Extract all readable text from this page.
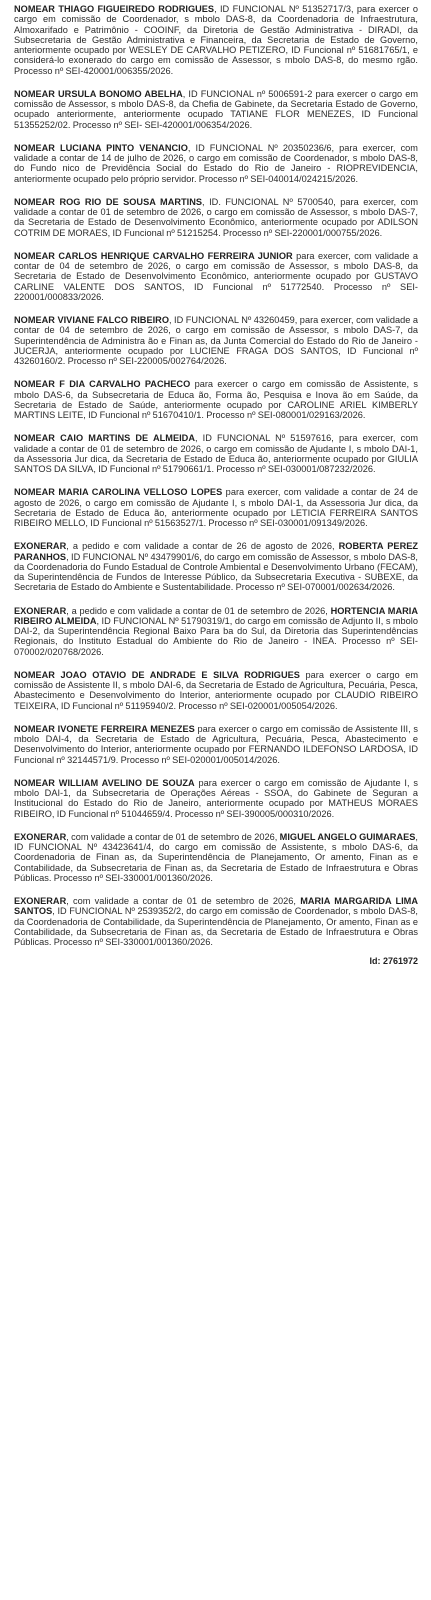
NOMEAR THIAGO FIGUEIREDO RODRIGUES, ID FUNCIONAL Nº 51352717/3, para exercer o cargo em comissão de Coordenador, s mbolo DAS-8, da Coordenadoria de Infraestrutura, Almoxarifado e Patrimônio - COOINF, da Diretoria de Gestão Administrativa - DIRADI, da Subsecretaria de Gestão Administrativa e Financeira, da Secretaria de Estado de Governo, anteriormente ocupado por WESLEY DE CARVALHO PETIZERO, ID Funcional nº 51681765/1, e considerá-lo exonerado do cargo em comissão de Assessor, s mbolo DAS-8, do mesmo rgão. Processo nº SEI-420001/006355/2026.

NOMEAR URSULA BONOMO ABELHA, ID FUNCIONAL nº 5006591-2 para exercer o cargo em comissão de Assessor, s mbolo DAS-8, da Chefia de Gabinete, da Secretaria Estado de Governo, ocupado anteriormente, anteriormente ocupado TATIANE FLOR MENEZES, ID Funcional 51355252/02. Processo nº SEI- SEI-420001/006354/2026.

NOMEAR LUCIANA PINTO VENANCIO, ID FUNCIONAL Nº 20350236/6, para exercer, com validade a contar de 14 de julho de 2026, o cargo em comissão de Coordenador, s mbolo DAS-8, do Fundo nico de Previdência Social do Estado do Rio de Janeiro - RIOPREVIDENCIA, anteriormente ocupado pelo próprio servidor. Processo nº SEI-040014/024215/2026.

NOMEAR ROG RIO DE SOUSA MARTINS, ID. FUNCIONAL Nº 5700540, para exercer, com validade a contar de 01 de setembro de 2026, o cargo em comissão de Assessor, s mbolo DAS-7, da Secretaria de Estado de Desenvolvimento Econômico, anteriormente ocupado por ADILSON COTRIM DE MORAES, ID Funcional nº 51215254. Processo nº SEI-220001/000755/2026.

NOMEAR CARLOS HENRIQUE CARVALHO FERREIRA JUNIOR para exercer, com validade a contar de 04 de setembro de 2026, o cargo em comissão de Assessor, s mbolo DAS-8, da Secretaria de Estado de Desenvolvimento Econômico, anteriormente ocupado por GUSTAVO CARLINE VALENTE DOS SANTOS, ID Funcional nº 51772540. Processo nº SEI-220001/000833/2026.

NOMEAR VIVIANE FALCO RIBEIRO, ID FUNCIONAL Nº 43260459, para exercer, com validade a contar de 04 de setembro de 2026, o cargo em comissão de Assessor, s mbolo DAS-7, da Superintendência de Administra ão e Finan as, da Junta Comercial do Estado do Rio de Janeiro - JUCERJA, anteriormente ocupado por LUCIENE FRAGA DOS SANTOS, ID Funcional nº 43260160/2. Processo nº SEI-220005/002764/2026.

NOMEAR F DIA CARVALHO PACHECO para exercer o cargo em comissão de Assistente, s mbolo DAS-6, da Subsecretaria de Educa ão, Forma ão, Pesquisa e Inova ão em Saúde, da Secretaria de Estado de Saúde, anteriormente ocupado por CAROLINE ARIEL KIMBERLY MARTINS LEITE, ID Funcional nº 51670410/1. Processo nº SEI-080001/029163/2026.

NOMEAR CAIO MARTINS DE ALMEIDA, ID FUNCIONAL Nº 51597616, para exercer, com validade a contar de 01 de setembro de 2026, o cargo em comissão de Ajudante I, s mbolo DAI-1, da Assessoria Jur dica, da Secretaria de Estado de Educa ão, anteriormente ocupado por GIULIA SANTOS DA SILVA, ID Funcional nº 51790661/1. Processo nº SEI-030001/087232/2026.

NOMEAR MARIA CAROLINA VELLOSO LOPES para exercer, com validade a contar de 24 de agosto de 2026, o cargo em comissão de Ajudante I, s mbolo DAI-1, da Assessoria Jur dica, da Secretaria de Estado de Educa ão, anteriormente ocupado por LETICIA FERREIRA SANTOS RIBEIRO MELLO, ID Funcional nº 51563527/1. Processo nº SEI-030001/091349/2026.

EXONERAR, a pedido e com validade a contar de 26 de agosto de 2026, ROBERTA PEREZ PARANHOS, ID FUNCIONAL Nº 43479901/6, do cargo em comissão de Assessor, s mbolo DAS-8, da Coordenadoria do Fundo Estadual de Controle Ambiental e Desenvolvimento Urbano (FECAM), da Superintendência de Fundos de Interesse Público, da Subsecretaria Executiva - SUBEXE, da Secretaria de Estado do Ambiente e Sustentabilidade. Processo nº SEI-070001/002634/2026.

EXONERAR, a pedido e com validade a contar de 01 de setembro de 2026, HORTENCIA MARIA RIBEIRO ALMEIDA, ID FUNCIONAL Nº 51790319/1, do cargo em comissão de Adjunto II, s mbolo DAI-2, da Superintendência Regional Baixo Para ba do Sul, da Diretoria das Superintendências Regionais, do Instituto Estadual do Ambiente do Rio de Janeiro - INEA. Processo nº SEI-070002/020768/2026.

NOMEAR JOAO OTAVIO DE ANDRADE E SILVA RODRIGUES para exercer o cargo em comissão de Assistente II, s mbolo DAI-6, da Secretaria de Estado de Agricultura, Pecuária, Pesca, Abastecimento e Desenvolvimento do Interior, anteriormente ocupado por CLAUDIO RIBEIRO TEIXEIRA, ID Funcional nº 51195940/2. Processo nº SEI-020001/005054/2026.

NOMEAR IVONETE FERREIRA MENEZES para exercer o cargo em comissão de Assistente III, s mbolo DAI-4, da Secretaria de Estado de Agricultura, Pecuária, Pesca, Abastecimento e Desenvolvimento do Interior, anteriormente ocupado por FERNANDO ILDEFONSO LARDOSA, ID Funcional nº 32144571/9. Processo nº SEI-020001/005014/2026.

NOMEAR WILLIAM AVELINO DE SOUZA para exercer o cargo em comissão de Ajudante I, s mbolo DAI-1, da Subsecretaria de Operações Aéreas - SSOA, do Gabinete de Seguran a Institucional do Estado do Rio de Janeiro, anteriormente ocupado por MATHEUS MORAES RIBEIRO, ID Funcional nº 51044659/4. Processo nº SEI-390005/000310/2026.

EXONERAR, com validade a contar de 01 de setembro de 2026, MIGUEL ANGELO GUIMARAES, ID FUNCIONAL Nº 43423641/4, do cargo em comissão de Assistente, s mbolo DAS-6, da Coordenadoria de Finan as, da Superintendência de Planejamento, Or amento, Finan as e Contabilidade, da Subsecretaria de Finan as, da Secretaria de Estado de Infraestrutura e Obras Públicas. Processo nº SEI-330001/001360/2026.

EXONERAR, com validade a contar de 01 de setembro de 2026, MARIA MARGARIDA LIMA SANTOS, ID FUNCIONAL Nº 2539352/2, do cargo em comissão de Coordenador, s mbolo DAS-8, da Coordenadoria de Contabilidade, da Superintendência de Planejamento, Or amento, Finan as e Contabilidade, da Subsecretaria de Finan as, da Secretaria de Estado de Infraestrutura e Obras Públicas. Processo nº SEI-330001/001360/2026.

Id: 2761972
